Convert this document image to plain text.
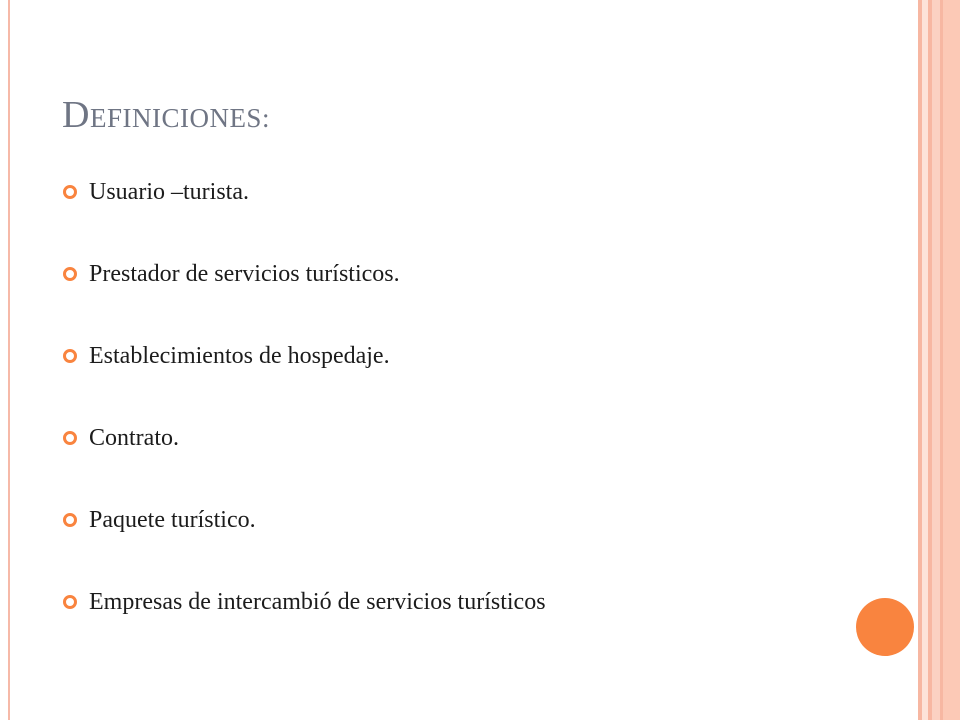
DEFINICIONES:
Usuario –turista.
Prestador de servicios turísticos.
Establecimientos de hospedaje.
Contrato.
Paquete turístico.
Empresas de intercambió de servicios turísticos
